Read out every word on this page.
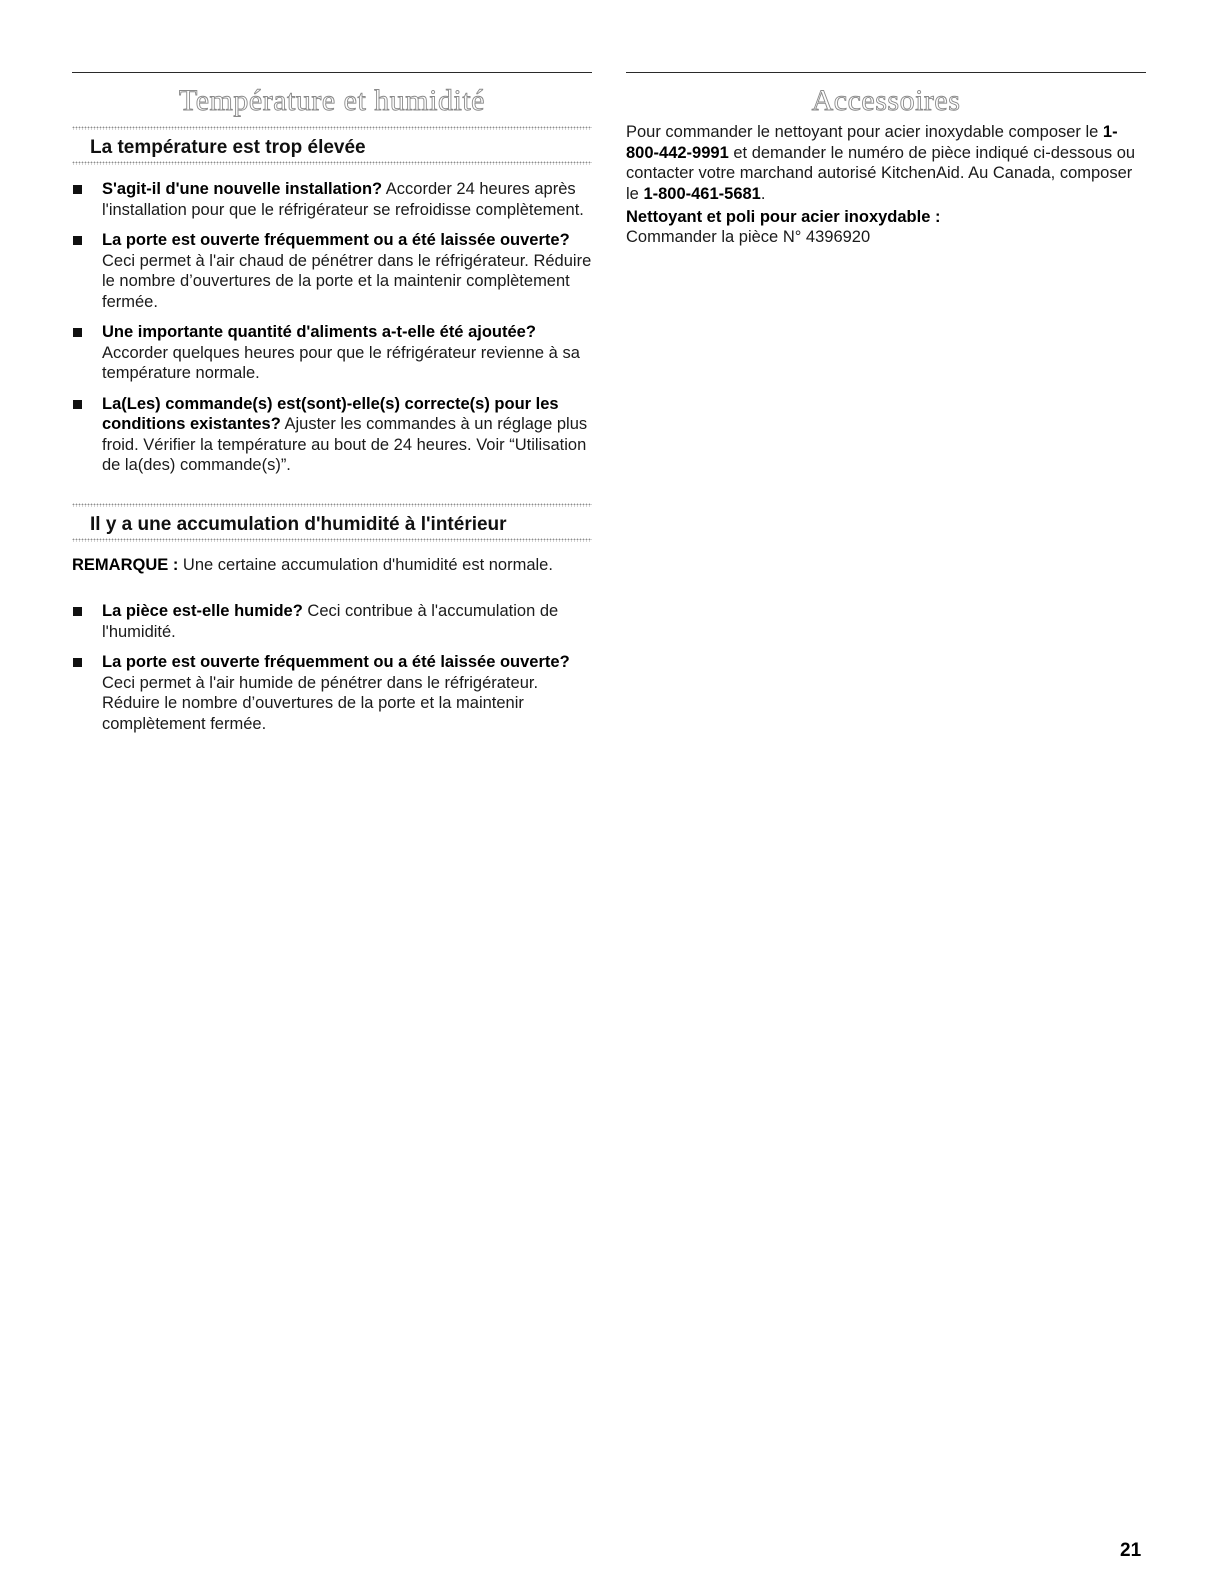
Température et humidité
La température est trop élevée
S'agit-il d'une nouvelle installation? Accorder 24 heures après l'installation pour que le réfrigérateur se refroidisse complètement.
La porte est ouverte fréquemment ou a été laissée ouverte? Ceci permet à l'air chaud de pénétrer dans le réfrigérateur. Réduire le nombre d’ouvertures de la porte et la maintenir complètement fermée.
Une importante quantité d'aliments a-t-elle été ajoutée? Accorder quelques heures pour que le réfrigérateur revienne à sa température normale.
La(Les) commande(s) est(sont)-elle(s) correcte(s) pour les conditions existantes? Ajuster les commandes à un réglage plus froid. Vérifier la température au bout de 24 heures. Voir “Utilisation de la(des) commande(s)”.
Il y a une accumulation d'humidité à l'intérieur
REMARQUE : Une certaine accumulation d'humidité est normale.
La pièce est-elle humide? Ceci contribue à l'accumulation de l'humidité.
La porte est ouverte fréquemment ou a été laissée ouverte? Ceci permet à l'air humide de pénétrer dans le réfrigérateur. Réduire le nombre d’ouvertures de la porte et la maintenir complètement fermée.
Accessoires
Pour commander le nettoyant pour acier inoxydable composer le 1-800-442-9991 et demander le numéro de pièce indiqué ci-dessous ou contacter votre marchand autorisé KitchenAid. Au Canada, composer le 1-800-461-5681.
Nettoyant et poli pour acier inoxydable :
Commander la pièce N° 4396920
21
